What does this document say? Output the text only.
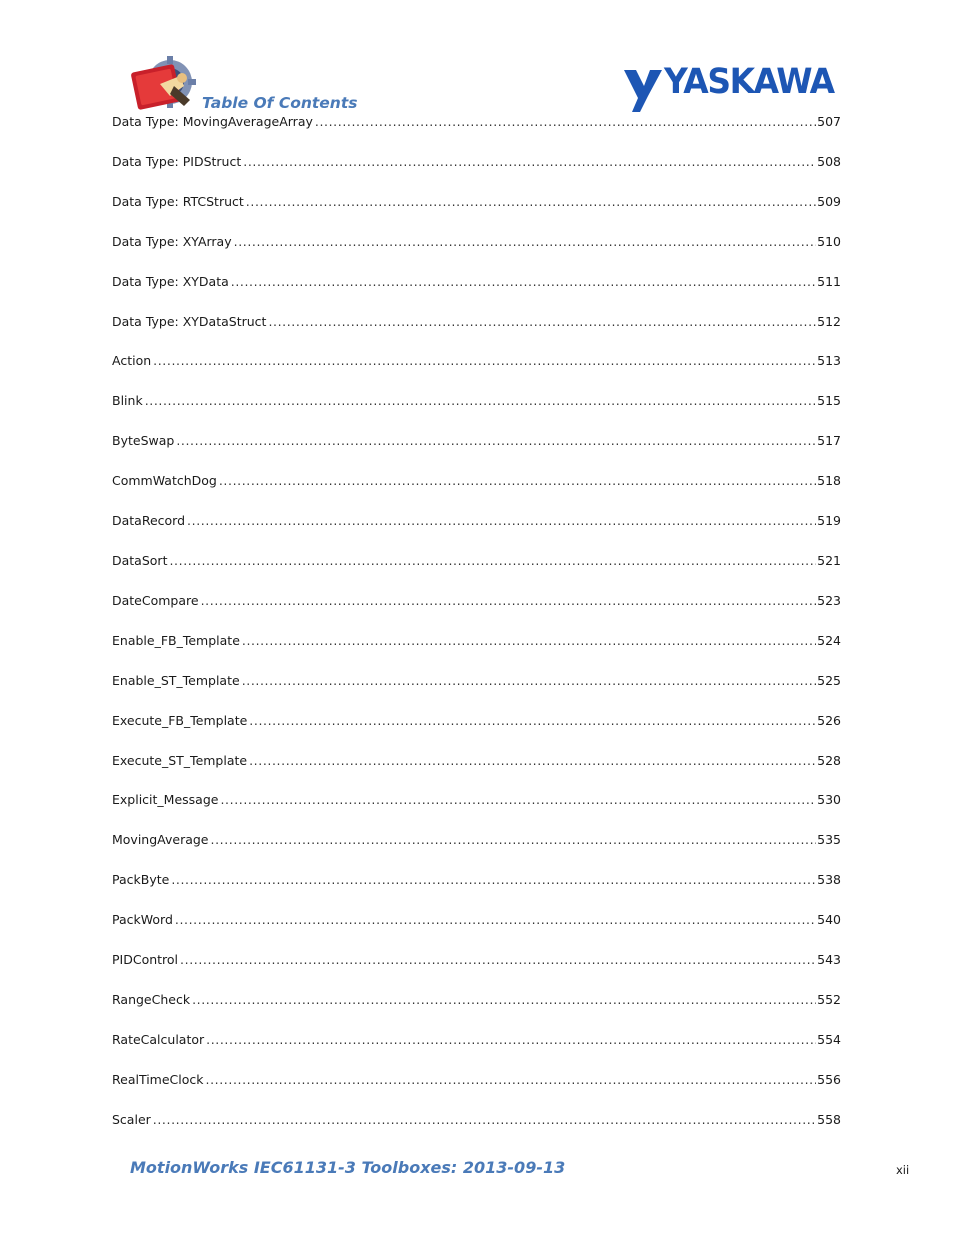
Table Of Contents
YASKAWA
Data Type: MovingAverageArray .....	507
Data Type: PIDStruct .....	508
Data Type: RTCStruct .....	509
Data Type: XYArray .....	510
Data Type: XYData .....	511
Data Type: XYDataStruct .....	512
Action .....	513
Blink .....	515
ByteSwap .....	517
CommWatchDog .....	518
DataRecord .....	519
DataSort .....	521
DateCompare .....	523
Enable_FB_Template .....	524
Enable_ST_Template .....	525
Execute_FB_Template .....	526
Execute_ST_Template .....	528
Explicit_Message .....	530
MovingAverage .....	535
PackByte .....	538
PackWord .....	540
PIDControl .....	543
RangeCheck .....	552
RateCalculator .....	554
RealTimeClock .....	556
Scaler .....	558
MotionWorks IEC61131-3 Toolboxes: 2013-09-13	xii
